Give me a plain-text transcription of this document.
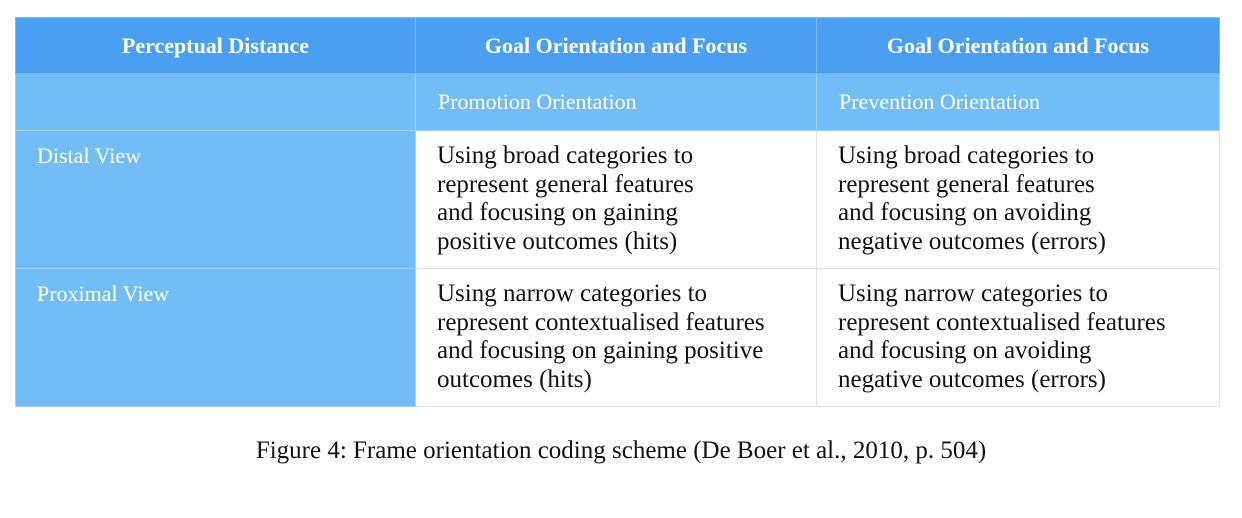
Perceptual Distance	Goal Orientation and Focus	Goal Orientation and Focus

	Promotion Orientation	Prevention Orientation

Distal View	Using broad categories to
represent general features
and focusing on gaining
positive outcomes (hits)	Using broad categories to
represent general features
and focusing on avoiding
negative outcomes (errors)

Proximal View	Using narrow categories to
represent contextualised features
and focusing on gaining positive
outcomes (hits)	Using narrow categories to
represent contextualised features
and focusing on avoiding
negative outcomes (errors)
Figure 4: Frame orientation coding scheme (De Boer et al., 2010, p. 504)
